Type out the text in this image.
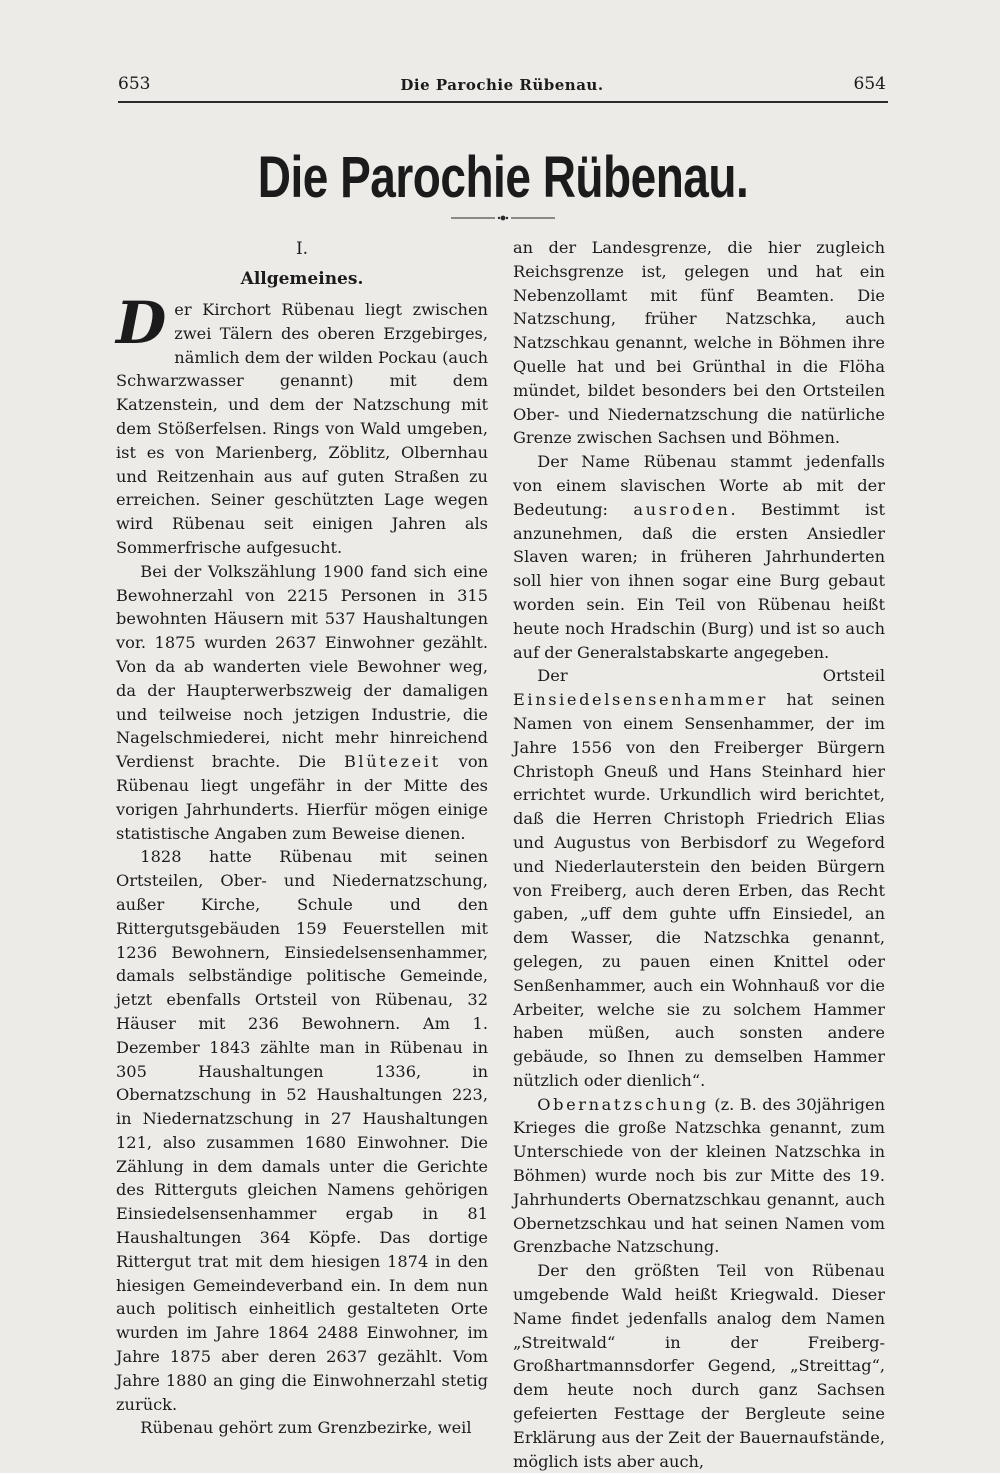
653	Die Parochie Rübenau.	654
Die Parochie Rübenau.
I.
Allgemeines.

Der Kirchort Rübenau liegt zwischen zwei Tälern des oberen Erzgebirges, nämlich dem der wilden Pockau (auch Schwarzwasser genannt) mit dem Katzenstein, und dem der Natzschung mit dem Stößerfelsen. Rings von Wald umgeben, ist es von Marienberg, Zöblitz, Olbernhau und Reitzenhain aus auf guten Straßen zu erreichen. Seiner geschützten Lage wegen wird Rübenau seit einigen Jahren als Sommerfrische aufgesucht.

Bei der Volkszählung 1900 fand sich eine Bewohnerzahl von 2215 Personen in 315 bewohnten Häusern mit 537 Haushaltungen vor. 1875 wurden 2637 Einwohner gezählt. Von da ab wanderten viele Bewohner weg, da der Haupterwerbszweig der damaligen und teilweise noch jetzigen Industrie, die Nagelschmiederei, nicht mehr hinreichend Verdienst brachte. Die Blütezeit von Rübenau liegt ungefähr in der Mitte des vorigen Jahrhunderts. Hierfür mögen einige statistische Angaben zum Beweise dienen.

1828 hatte Rübenau mit seinen Ortsteilen, Ober- und Niedernatzschung, außer Kirche, Schule und den Rittergutsgebäuden 159 Feuerstellen mit 1236 Bewohnern, Einsiedelsensenhammer, damals selbständige politische Gemeinde, jetzt ebenfalls Ortsteil von Rübenau, 32 Häuser mit 236 Bewohnern. Am 1. Dezember 1843 zählte man in Rübenau in 305 Haushaltungen 1336, in Obernatzschung in 52 Haushaltungen 223, in Niedernatzschung in 27 Haushaltungen 121, also zusammen 1680 Einwohner. Die Zählung in dem damals unter die Gerichte des Ritterguts gleichen Namens gehörigen Einsiedelsensenhammer ergab in 81 Haushaltungen 364 Köpfe. Das dortige Rittergut trat mit dem hiesigen 1874 in den hiesigen Gemeindeverband ein. In dem nun auch politisch einheitlich gestalteten Orte wurden im Jahre 1864 2488 Einwohner, im Jahre 1875 aber deren 2637 gezählt. Vom Jahre 1880 an ging die Einwohnerzahl stetig zurück.

Rübenau gehört zum Grenzbezirke, weil

an der Landesgrenze, die hier zugleich Reichsgrenze ist, gelegen und hat ein Nebenzollamt mit fünf Beamten. Die Natzschung, früher Natzschka, auch Natzschkau genannt, welche in Böhmen ihre Quelle hat und bei Grünthal in die Flöha mündet, bildet besonders bei den Ortsteilen Ober- und Niedernatzschung die natürliche Grenze zwischen Sachsen und Böhmen.

Der Name Rübenau stammt jedenfalls von einem slavischen Worte ab mit der Bedeutung: ausroden. Bestimmt ist anzunehmen, daß die ersten Ansiedler Slaven waren; in früheren Jahrhunderten soll hier von ihnen sogar eine Burg gebaut worden sein. Ein Teil von Rübenau heißt heute noch Hradschin (Burg) und ist so auch auf der Generalstabskarte angegeben.

Der Ortsteil Einsiedelsensenhammer hat seinen Namen von einem Sensenhammer, der im Jahre 1556 von den Freiberger Bürgern Christoph Gneuß und Hans Steinhard hier errichtet wurde. Urkundlich wird berichtet, daß die Herren Christoph Friedrich Elias und Augustus von Berbisdorf zu Wegeford und Niederlauterstein den beiden Bürgern von Freiberg, auch deren Erben, das Recht gaben, „uff dem guhte uffn Einsiedel, an dem Wasser, die Natzschka genannt, gelegen, zu pauen einen Knittel oder Senßenhammer, auch ein Wohnhauß vor die Arbeiter, welche sie zu solchem Hammer haben müßen, auch sonsten andere gebäude, so Ihnen zu demselben Hammer nützlich oder dienlich“.

Obernatzschung (z. B. des 30jährigen Krieges die große Natzschka genannt, zum Unterschiede von der kleinen Natzschka in Böhmen) wurde noch bis zur Mitte des 19. Jahrhunderts Obernatzschkau genannt, auch Obernetzschkau und hat seinen Namen vom Grenzbache Natzschung.

Der den größten Teil von Rübenau umgebende Wald heißt Kriegwald. Dieser Name findet jedenfalls analog dem Namen „Streitwald“ in der Freiberg-Großhartmannsdorfer Gegend, „Streittag“, dem heute noch durch ganz Sachsen gefeierten Festtage der Bergleute seine Erklärung aus der Zeit der Bauernaufstände, möglich ists aber auch,
